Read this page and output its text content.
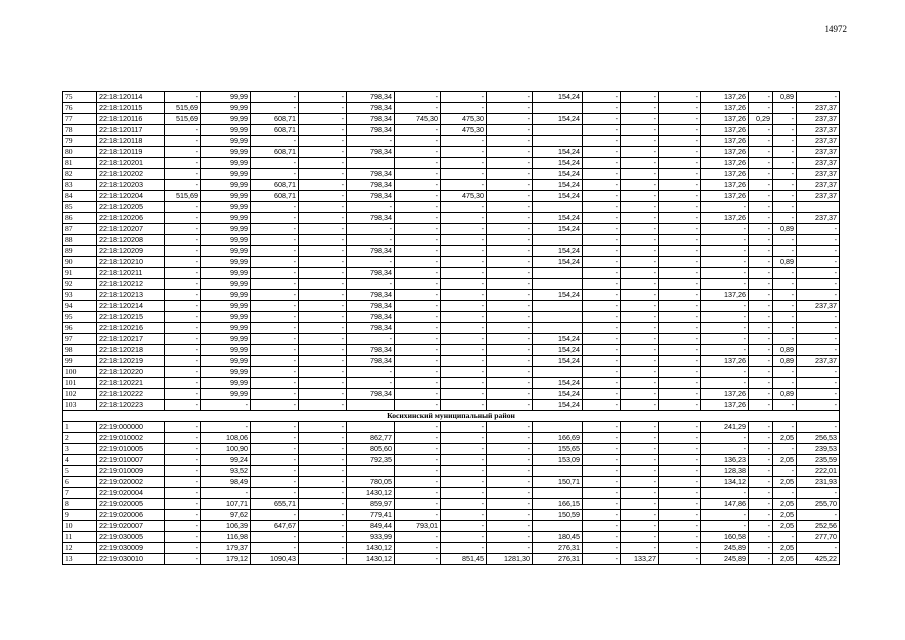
14972
75	22:18:120114	-	99,99	-	-	798,34	-	-	-	154,24	-	-	-	137,26	-	0,89	-
76	22:18:120115	515,69	99,99	-	-	798,34	-	-	-		-	-	-	137,26	-	-	237,37
77	22:18:120116	515,69	99,99	608,71	-	798,34	745,30	475,30	-	154,24	-	-	-	137,26	0,29	-	237,37
78	22:18:120117	-	99,99	608,71	-	798,34	-	475,30	-		-	-	-	137,26	-	-	237,37
79	22:18:120118	-	99,99	-	-	-	-	-	-		-	-	-	137,26	-	-	237,37
80	22:18:120119	-	99,99	608,71	-	798,34	-	-	-	154,24	-	-	-	137,26	-	-	237,37
81	22:18:120201	-	99,99	-	-		-	-	-	154,24	-	-	-	137,26	-	-	237,37
82	22:18:120202	-	99,99	-	-	798,34	-	-	-	154,24	-	-	-	137,26	-	-	237,37
83	22:18:120203	-	99,99	608,71	-	798,34	-	-	-	154,24	-	-	-	137,26	-	-	237,37
84	22:18:120204	515,69	99,99	608,71	-	798,34	-	475,30	-	154,24	-	-	-	137,26	-	-	237,37
85	22:18:120205	-	99,99	-	-	-	-	-	-		-	-	-	-	-	-	
86	22:18:120206	-	99,99	-	-	798,34	-	-	-	154,24	-	-	-	137,26	-	-	237,37
87	22:18:120207	-	99,99	-	-	-	-	-	-	154,24	-	-	-	-	-	0,89	-
88	22:18:120208	-	99,99	-	-	-	-	-	-		-	-	-	-	-	-	-
89	22:18:120209	-	99,99	-	-	798,34	-	-	-	154,24	-	-	-	-	-	-	-
90	22:18:120210	-	99,99	-	-	-	-	-	-	154,24	-	-	-	-	-	0,89	-
91	22:18:120211	-	99,99	-	-	798,34	-	-	-		-	-	-	-	-	-	-
92	22:18:120212	-	99,99	-	-	-	-	-	-		-	-	-	-	-	-	-
93	22:18:120213	-	99,99	-	-	798,34	-	-	-	154,24	-	-	-	137,26	-	-	-
94	22:18:120214	-	99,99	-	-	798,34	-	-	-		-	-	-	-	-	-	237,37
95	22:18:120215	-	99,99	-	-	798,34	-	-	-		-	-	-	-	-	-	-
96	22:18:120216	-	99,99	-	-	798,34	-	-	-		-	-	-	-	-	-	-
97	22:18:120217	-	99,99	-	-	-	-	-	-	154,24	-	-	-	-	-	-	-
98	22:18:120218	-	99,99	-	-	798,34	-	-	-	154,24	-	-	-	-	-	0,89	-
99	22:18:120219	-	99,99	-	-	798,34	-	-	-	154,24	-	-	-	137,26	-	0,89	237,37
100	22:18:120220	-	99,99	-	-	-	-	-	-		-	-	-	-	-	-	-
101	22:18:120221	-	99,99	-	-	-	-	-	-	154,24	-	-	-	-	-	-	-
102	22:18:120222	-	99,99	-	-	798,34	-	-	-	154,24	-	-	-	137,26	-	0,89	-
103	22:18:120223	-	-	-	-		-	-	-	154,24	-	-	-	137,26	-	-	-
Косихинский муниципальный район																	
1	22:19:000000	-	-	-	-		-	-	-		-	-	-	241,29	-	-	-
2	22:19:010002	-	108,06	-	-	862,77	-	-	-	166,69	-	-	-	-	-	2,05	256,53
3	22:19:010005	-	100,90	-	-	805,60	-	-	-	155,65	-	-	-	-	-	-	239,53
4	22:19:010007	-	99,24	-	-	792,35	-	-	-	153,09	-	-	-	136,23	-	2,05	235,59
5	22:19:010009	-	93,52	-	-		-	-	-		-	-	-	128,38	-	-	222,01
6	22:19:020002	-	98,49	-	-	780,05	-	-	-	150,71	-	-	-	134,12	-	2,05	231,93
7	22:19:020004	-	-	-	-	1430,12	-	-	-		-	-	-	-	-	-	-
8	22:19:020005	-	107,71	655,71	-	859,97	-	-	-	166,15	-	-	-	147,86	-	2,05	255,70
9	22:19:020006	-	97,62	-	-	779,41	-	-	-	150,59	-	-	-	-	-	2,05	-
10	22:19:020007	-	106,39	647,67	-	849,44	793,01	-	-		-	-	-	-	-	2,05	252,56
11	22:19:030005	-	116,98	-	-	933,99	-	-	-	180,45	-	-	-	160,58	-	-	277,70
12	22:19:030009	-	179,37	-	-	1430,12	-	-	-	276,31	-	-	-	245,89	-	2,05	-
13	22:19:030010	-	179,12	1090,43	-	1430,12	-	851,45	1281,30	276,31	-	133,27	-	245,89	-	2,05	425,22
